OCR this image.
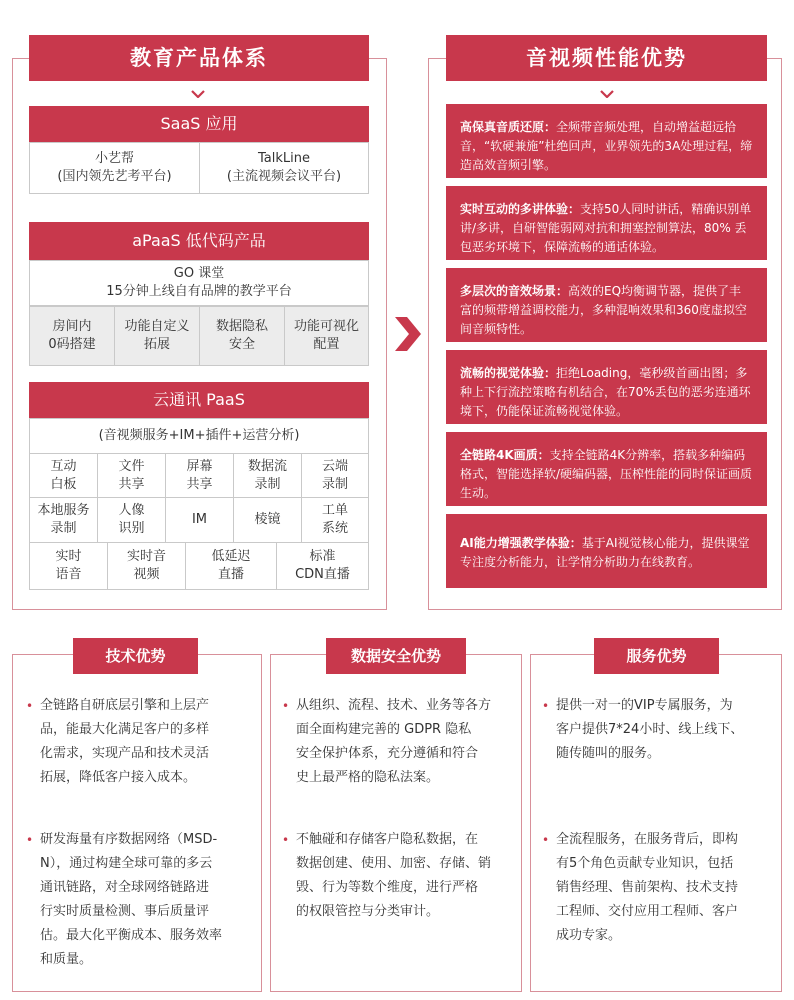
教育产品体系
SaaS 应用
小艺帮
(国内领先艺考平台)
TalkLine
(主流视频会议平台)
aPaaS 低代码产品
GO 课堂
15分钟上线自有品牌的教学平台
房间内
0码搭建
功能自定义
拓展
数据隐私
安全
功能可视化
配置
云通讯 PaaS
(音视频服务+IM+插件+运营分析)
互动
白板
文件
共享
屏幕
共享
数据流
录制
云端
录制
本地服务
录制
人像
识别
IM	棱镜
工单
系统
实时
语音
实时音
视频
低延迟
直播
标准
CDN直播
音视频性能优势
高保真音质还原：全频带音频处理，自动增益超远拾音，“软硬兼施”杜绝回声，业界领先的3A处理过程，缔造高效音频引擎。
实时互动的多讲体验：支持50人同时讲话，精确识别单讲/多讲，自研智能弱网对抗和拥塞控制算法，80% 丢包恶劣环境下，保障流畅的通话体验。
多层次的音效场景：高效的EQ均衡调节器，提供了丰富的频带增益调校能力，多种混响效果和360度虚拟空间音频特性。
流畅的视觉体验：拒绝Loading，毫秒级首画出图；多种上下行流控策略有机结合，在70%丢包的恶劣连通环境下，仍能保证流畅视觉体验。
全链路4K画质：支持全链路4K分辨率，搭载多种编码格式，智能选择软/硬编码器，压榨性能的同时保证画质生动。
AI能力增强教学体验：基于AI视觉核心能力，提供课堂专注度分析能力，让学情分析助力在线教育。
技术优势
• 全链路自研底层引擎和上层产
品，能最大化满足客户的多样
化需求，实现产品和技术灵活
拓展，降低客户接入成本。
• 研发海量有序数据网络（MSD-
N），通过构建全球可靠的多云
通讯链路，对全球网络链路进
行实时质量检测、事后质量评
估。最大化平衡成本、服务效率
和质量。
数据安全优势
• 从组织、流程、技术、业务等各方
面全面构建完善的 GDPR 隐私
安全保护体系，充分遵循和符合
史上最严格的隐私法案。
• 不触碰和存储客户隐私数据，在
数据创建、使用、加密、存储、销
毁、行为等数个维度，进行严格
的权限管控与分类审计。
服务优势
• 提供一对一的VIP专属服务，为
客户提供7*24小时、线上线下、
随传随叫的服务。
• 全流程服务，在服务背后，即构
有5个角色贡献专业知识，包括
销售经理、售前架构、技术支持
工程师、交付应用工程师、客户
成功专家。
